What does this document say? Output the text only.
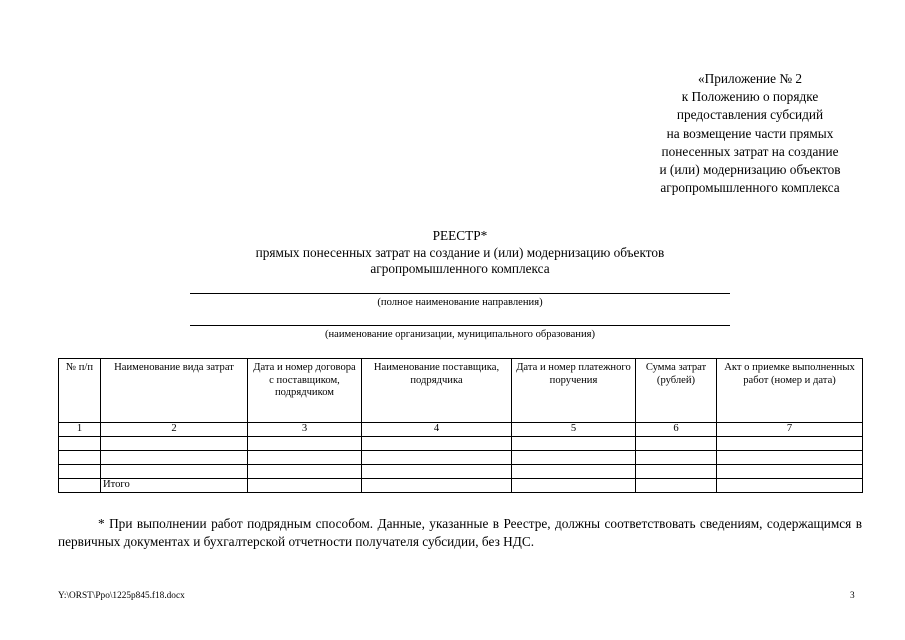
«Приложение № 2
к Положению о порядке
предоставления субсидий
на возмещение части прямых
понесенных затрат на создание
и (или) модернизацию объектов
агропромышленного комплекса
РЕЕСТР*
прямых понесенных затрат на создание и (или) модернизацию объектов
агропромышленного комплекса
(полное наименование направления)
(наименование организации, муниципального образования)
№ п/п	Наименование вида затрат	Дата и номер договора с поставщиком, подрядчиком	Наименование поставщика, подрядчика	Дата и номер платежного поручения	Сумма затрат (рублей)	Акт о приемке выполненных работ (номер и дата)
1	2	3	4	5	6	7

	Итого					

* При выполнении работ подрядным способом. Данные, указанные в Реестре, должны соответствовать сведениям, содержащимся в первичных документах и бухгалтерской отчетности получателя субсидии, без НДС.

Y:\ORST\Ppo\1225p845.f18.docx	3
